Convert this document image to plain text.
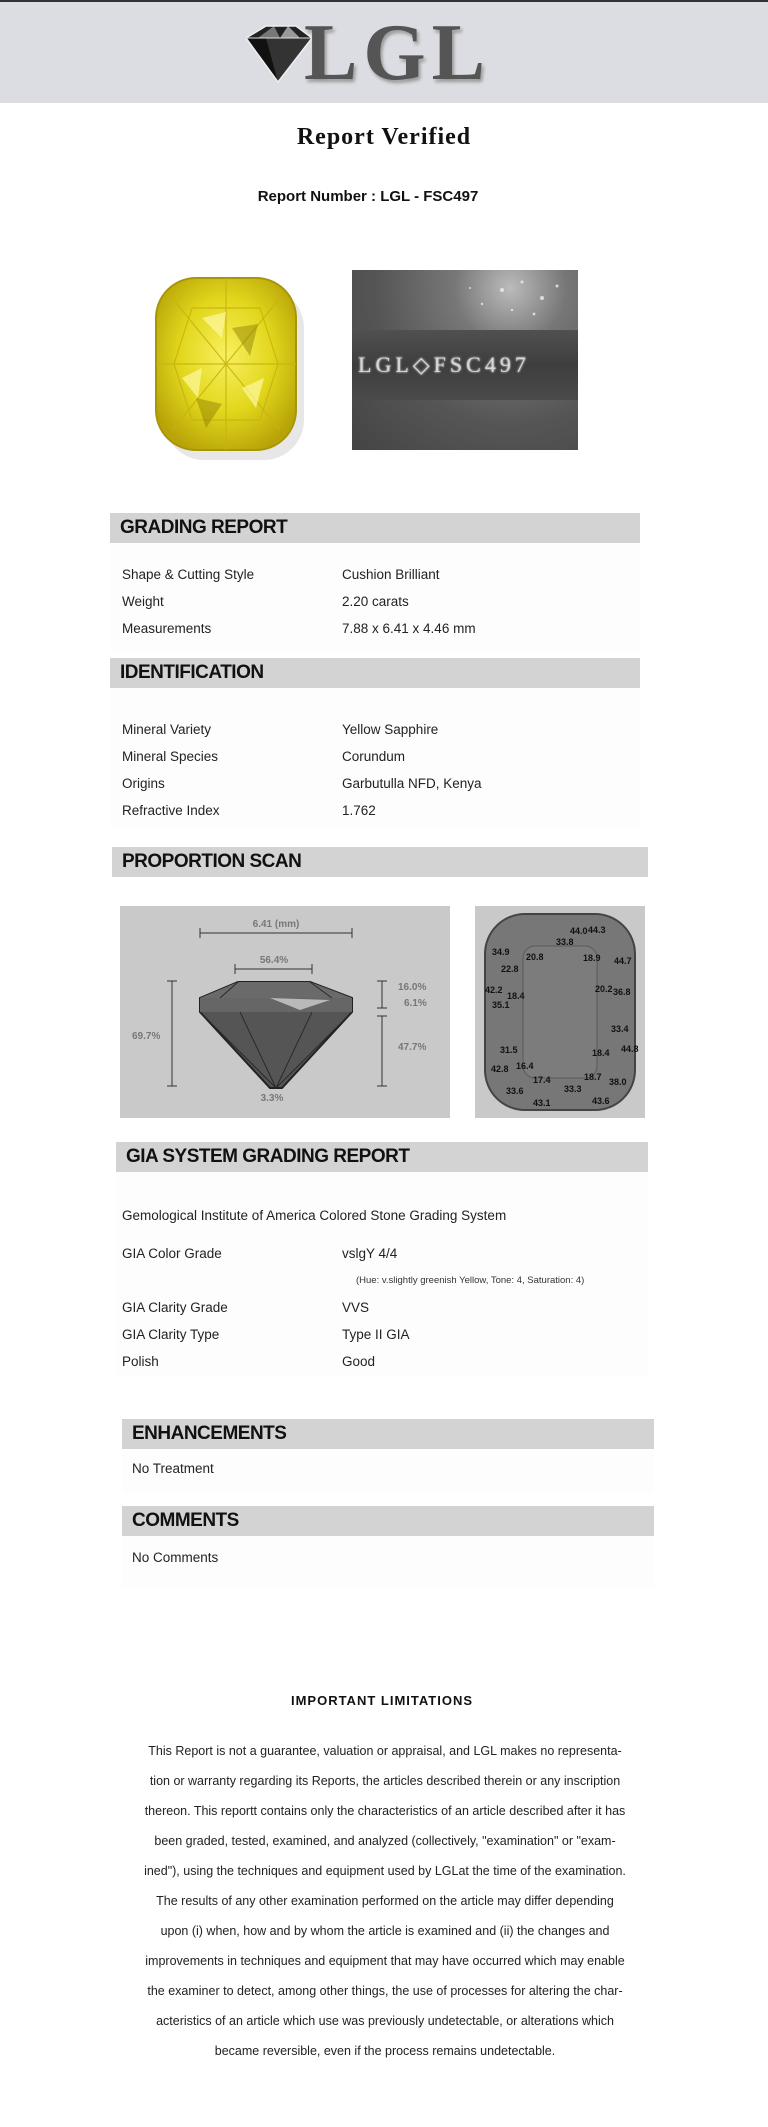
LGL
Report Verified
Report Number : LGL - FSC497
LGL◇FSC497
GRADING REPORT
Shape & Cutting Style	Cushion Brilliant
Weight	2.20 carats
Measurements	7.88 x 6.41 x 4.46 mm
IDENTIFICATION
Mineral Variety	Yellow Sapphire
Mineral Species	Corundum
Origins	Garbutulla NFD, Kenya
Refractive Index	1.762
PROPORTION SCAN
6.41 (mm)
56.4%
69.7%
16.0%
6.1%
47.7%
3.3%
44.0 44.3
33.8
34.9 20.8	18.9 44.7
22.8
42.2
18.4
20.2 36.8
35.1
33.4
31.5	18.4 44.8
42.8 16.4
17.4	18.7 38.0
33.6	33.3
43.1	43.6
GIA SYSTEM GRADING REPORT
Gemological Institute of America Colored Stone Grading System
GIA Color Grade	vslgY 4/4
(Hue: v.slightly greenish Yellow, Tone: 4, Saturation: 4)
GIA Clarity Grade	VVS
GIA Clarity Type	Type II GIA
Polish	Good
ENHANCEMENTS
No Treatment
COMMENTS
No Comments
IMPORTANT LIMITATIONS
This Report is not a guarantee, valuation or appraisal, and LGL makes no representa-
tion or warranty regarding its Reports, the articles described therein or any inscription
thereon. This reportt contains only the characteristics of an article described after it has
been graded, tested, examined, and analyzed (collectively, "examination" or "exam-
ined"), using the techniques and equipment used by LGLat the time of the examination.
The results of any other examination performed on the article may differ depending
upon (i) when, how and by whom the article is examined and (ii) the changes and
improvements in techniques and equipment that may have occurred which may enable
the examiner to detect, among other things, the use of processes for altering the char-
acteristics of an article which use was previously undetectable, or alterations which
became reversible, even if the process remains undetectable.
